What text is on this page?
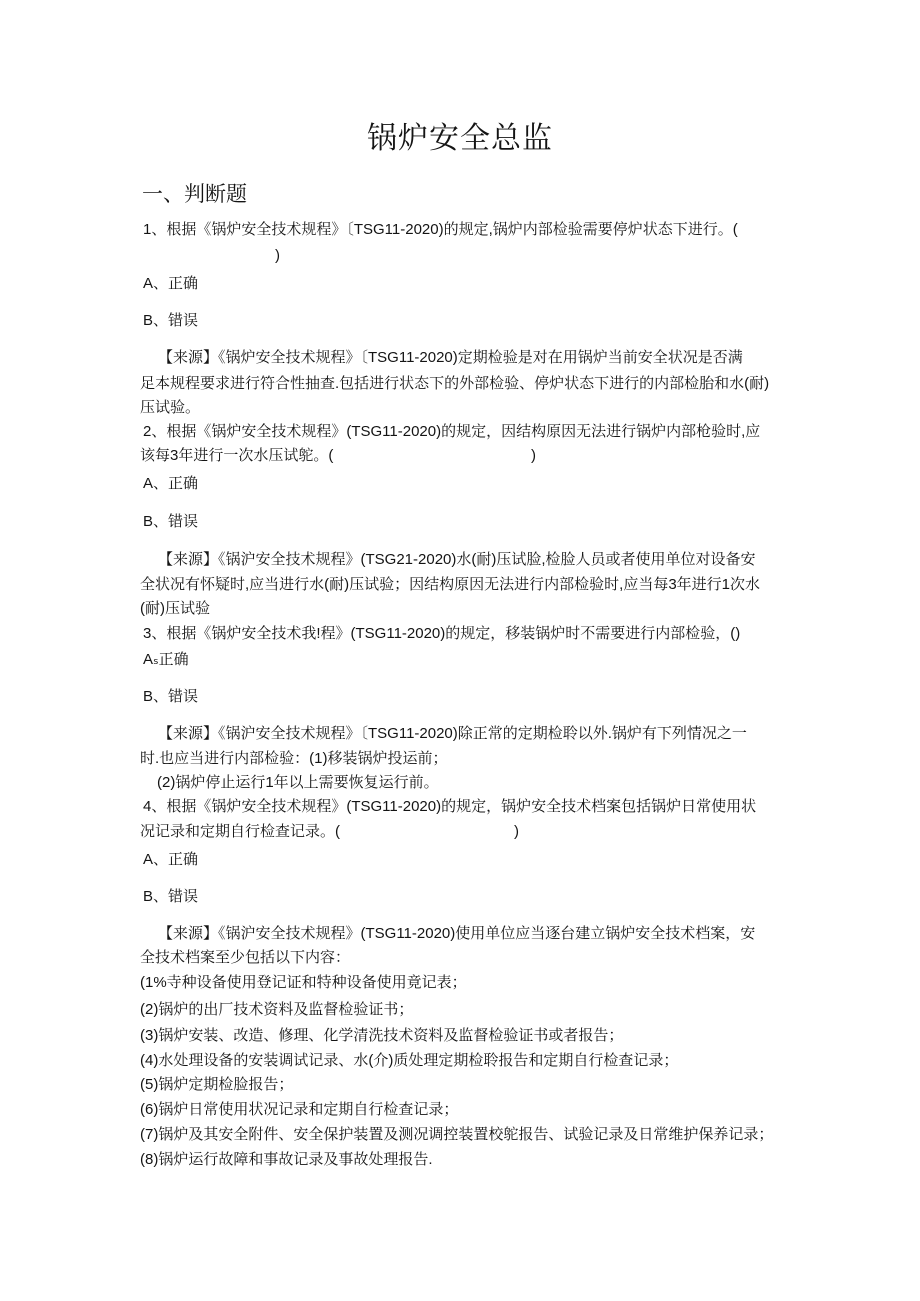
锅炉安全总监
一、判断题
1、根据《锅炉安全技术规程》〔TSG11-2020)的规定,锅炉内部检验需要停炉状态下进行。(
)
A、正确
B、错误
【来源】《锅炉安全技术规程》〔TSG11-2020)定期检验是对在用锅炉当前安全状况是否满
足本规程要求进行符合性抽查.包括进行状态下的外部检验、停炉状态下进行的内部检胎和水(耐)
压试验。
2、根据《锅炉安全技术规程》(TSG11-2020)的规定，因结构原因无法进行锅炉内部枪验时,应
该每3年进行一次水压试鸵。(	)
A、正确
B、错误
【来源】《锅沪安全技术规程》(TSG21-2020)水(耐)压试脸,检脸人员或者使用单位对设备安
全状况有怀疑时,应当进行水(耐)压试验；因结构原因无法进行内部检验时,应当每3年进行1次水
(耐)压试验
3、根据《锅炉安全技术我!程》(TSG11-2020)的规定，移装锅炉时不需要进行内部检验，()
Aₛ正确
B、错误
【来源】《锅沪安全技术规程》〔TSG11-2020)除正常的定期检聆以外.锅炉有下列情况之一
时.也应当进行内部检验：(1)移装锅炉投运前；
(2)锅炉停止运行1年以上需要恢复运行前。
4、根据《锅炉安全技术规程》(TSG11-2020)的规定，锅炉安全技术档案包括锅炉日常使用状
况记录和定期自行检查记录。(	)
A、正确
B、错误
【来源】《锅沪安全技术规程》(TSG11-2020)使用单位应当逐台建立锅炉安全技术档案，安
全技术档案至少包括以下内容：
(1%寺种设备使用登记证和特种设备使用竟记表；
(2)锅炉的出厂技术资料及监督检验证书；
(3)锅炉安装、改造、修理、化学清洗技术资料及监督检验证书或者报告；
(4)水处理设备的安装调试记录、水(介)质处理定期检聆报告和定期自行检查记录；
(5)锅炉定期检脸报告；
(6)锅炉日常使用状况记录和定期自行检查记录；
(7)锅炉及其安全附件、安全保护装置及测况调控装置校鸵报告、试验记录及日常维护保养记录；
(8)锅炉运行故障和事故记录及事故处理报告.
